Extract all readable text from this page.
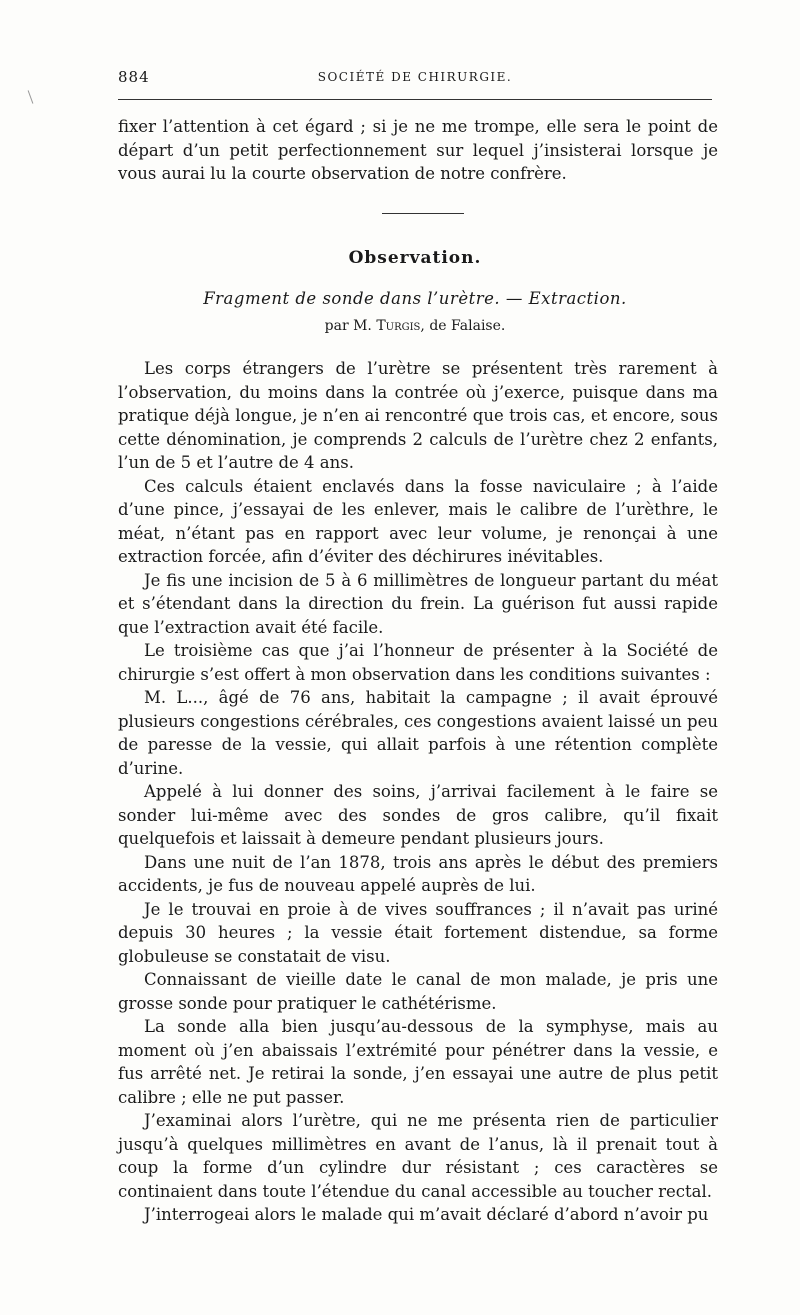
884	SOCIÉTÉ DE CHIRURGIE.

fixer l’attention à cet égard ; si je ne me trompe, elle sera le point de départ d’un petit perfectionnement sur lequel j’insisterai lorsque je vous aurai lu la courte observation de notre confrère.

Observation.
Fragment de sonde dans l’urètre. — Extraction.
par M. Turgis, de Falaise.

Les corps étrangers de l’urètre se présentent très rarement à l’observation, du moins dans la contrée où j’exerce, puisque dans ma pratique déjà longue, je n’en ai rencontré que trois cas, et encore, sous cette dénomination, je comprends 2 calculs de l’urètre chez 2 enfants, l’un de 5 et l’autre de 4 ans.

Ces calculs étaient enclavés dans la fosse naviculaire ; à l’aide d’une pince, j’essayai de les enlever, mais le calibre de l’urèthre, le méat, n’étant pas en rapport avec leur volume, je renonçai à une extraction forcée, afin d’éviter des déchirures inévitables.

Je fis une incision de 5 à 6 millimètres de longueur partant du méat et s’étendant dans la direction du frein. La guérison fut aussi rapide que l’extraction avait été facile.

Le troisième cas que j’ai l’honneur de présenter à la Société de chirurgie s’est offert à mon observation dans les conditions suivantes :

M. L..., âgé de 76 ans, habitait la campagne ; il avait éprouvé plusieurs congestions cérébrales, ces congestions avaient laissé un peu de paresse de la vessie, qui allait parfois à une rétention complète d’urine.

Appelé à lui donner des soins, j’arrivai facilement à le faire se sonder lui-même avec des sondes de gros calibre, qu’il fixait quelquefois et laissait à demeure pendant plusieurs jours.

Dans une nuit de l’an 1878, trois ans après le début des premiers accidents, je fus de nouveau appelé auprès de lui.

Je le trouvai en proie à de vives souffrances ; il n’avait pas uriné depuis 30 heures ; la vessie était fortement distendue, sa forme globuleuse se constatait de visu.

Connaissant de vieille date le canal de mon malade, je pris une grosse sonde pour pratiquer le cathétérisme.

La sonde alla bien jusqu’au-dessous de la symphyse, mais au moment où j’en abaissais l’extrémité pour pénétrer dans la vessie, e fus arrêté net. Je retirai la sonde, j’en essayai une autre de plus petit calibre ; elle ne put passer.

J’examinai alors l’urètre, qui ne me présenta rien de particulier jusqu’à quelques millimètres en avant de l’anus, là il prenait tout à coup la forme d’un cylindre dur résistant ; ces caractères se continaient dans toute l’étendue du canal accessible au toucher rectal.

J’interrogeai alors le malade qui m’avait déclaré d’abord n’avoir pu
